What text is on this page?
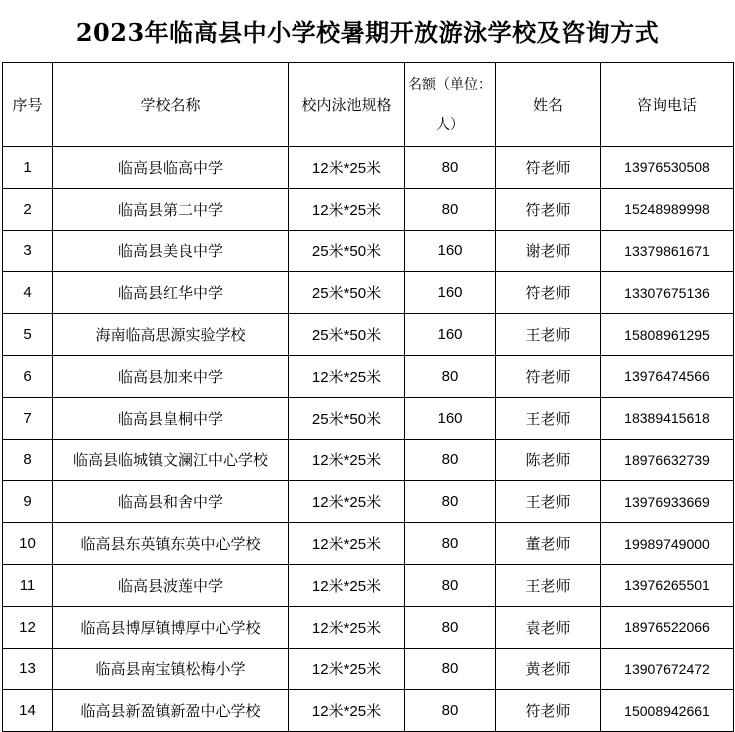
2023年临高县中小学校暑期开放游泳学校及咨询方式
序号	学校名称	校内泳池规格	名额（单位：人）	姓名	咨询电话
1	临高县临高中学	12米*25米	80	符老师	13976530508
2	临高县第二中学	12米*25米	80	符老师	15248989998
3	临高县美良中学	25米*50米	160	谢老师	13379861671
4	临高县红华中学	25米*50米	160	符老师	13307675136
5	海南临高思源实验学校	25米*50米	160	王老师	15808961295
6	临高县加来中学	12米*25米	80	符老师	13976474566
7	临高县皇桐中学	25米*50米	160	王老师	18389415618
8	临高县临城镇文澜江中心学校	12米*25米	80	陈老师	18976632739
9	临高县和舍中学	12米*25米	80	王老师	13976933669
10	临高县东英镇东英中心学校	12米*25米	80	董老师	19989749000
11	临高县波莲中学	12米*25米	80	王老师	13976265501
12	临高县博厚镇博厚中心学校	12米*25米	80	袁老师	18976522066
13	临高县南宝镇松梅小学	12米*25米	80	黄老师	13907672472
14	临高县新盈镇新盈中心学校	12米*25米	80	符老师	15008942661
